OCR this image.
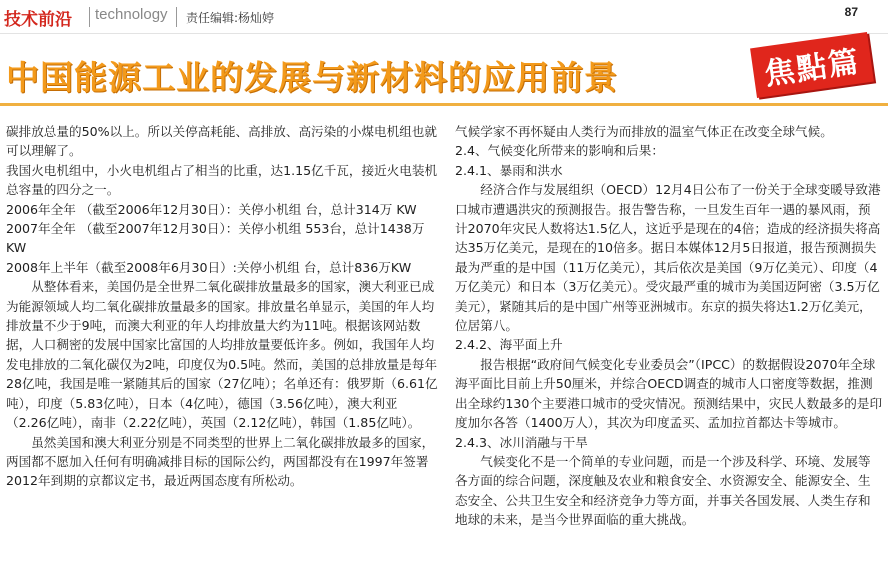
技术前沿 technology 责任编辑:杨灿婷	87
中国能源工业的发展与新材料的应用前景	焦點篇

碳排放总量的50%以上。所以关停高耗能、高排放、高污染的小煤电机组也就可以理解了。

我国火电机组中，小火电机组占了相当的比重，达1.15亿千瓦，接近火电装机总容量的四分之一。

2006年全年 （截至2006年12月30日）：关停小机组 台，总计314万 KW

2007年全年 （截至2007年12月30日）：关停小机组 553台，总计1438万KW

2008年上半年（截至2008年6月30日）:关停小机组 台，总计836万KW

从整体看来，美国仍是全世界二氧化碳排放量最多的国家，澳大利亚已成为能源领域人均二氧化碳排放量最多的国家。排放量名单显示，美国的年人均排放量不少于9吨，而澳大利亚的年人均排放量大约为11吨。根据该网站数据，人口稠密的发展中国家比富国的人均排放量要低许多。例如，我国年人均发电排放的二氧化碳仅为2吨，印度仅为0.5吨。然而，美国的总排放量是每年28亿吨，我国是唯一紧随其后的国家（27亿吨）；名单还有：俄罗斯（6.61亿吨），印度（5.83亿吨），日本（4亿吨），德国（3.56亿吨），澳大利亚（2.26亿吨），南非（2.22亿吨），英国（2.12亿吨），韩国（1.85亿吨）。

虽然美国和澳大利亚分别是不同类型的世界上二氧化碳排放最多的国家，两国都不愿加入任何有明确减排目标的国际公约，两国都没有在1997年签署2012年到期的京都议定书，最近两国态度有所松动。

气候学家不再怀疑由人类行为而排放的温室气体正在改变全球气候。

2.4、气候变化所带来的影响和后果：

2.4.1、暴雨和洪水

经济合作与发展组织（OECD）12月4日公布了一份关于全球变暖导致港口城市遭遇洪灾的预测报告。报告警告称，一旦发生百年一遇的暴风雨，预计2070年灾民人数将达1.5亿人，这近乎是现在的4倍；造成的经济损失将高达35万亿美元，是现在的10倍多。据日本媒体12月5日报道，报告预测损失最为严重的是中国（11万亿美元），其后依次是美国（9万亿美元）、印度（4万亿美元）和日本（3万亿美元）。受灾最严重的城市为美国迈阿密（3.5万亿美元），紧随其后的是中国广州等亚洲城市。东京的损失将达1.2万亿美元，位居第八。

2.4.2、海平面上升

报告根据“政府间气候变化专业委员会”（IPCC）的数据假设2070年全球海平面比目前上升50厘米，并综合OECD调查的城市人口密度等数据，推测出全球约130个主要港口城市的受灾情况。预测结果中，灾民人数最多的是印度加尔各答（1400万人），其次为印度孟买、孟加拉首都达卡等城市。

2.4.3、冰川消融与干旱

气候变化不是一个简单的专业问题，而是一个涉及科学、环境、发展等各方面的综合问题，深度触及农业和粮食安全、水资源安全、能源安全、生态安全、公共卫生安全和经济竞争力等方面，并事关各国发展、人类生存和地球的未来，是当今世界面临的重大挑战。
